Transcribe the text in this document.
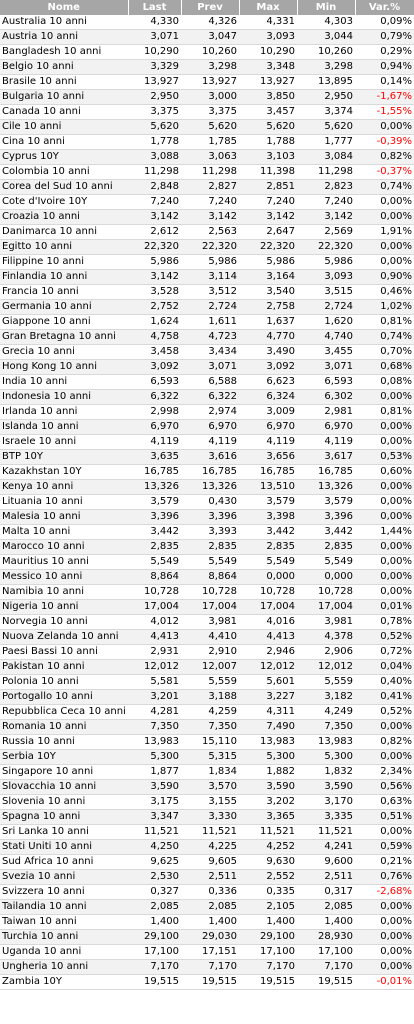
Nome	Last	Prev	Max	Min	Var.%
Australia 10 anni	4,330	4,326	4,331	4,303	0,09%
Austria 10 anni	3,071	3,047	3,093	3,044	0,79%
Bangladesh 10 anni	10,290	10,260	10,290	10,260	0,29%
Belgio 10 anni	3,329	3,298	3,348	3,298	0,94%
Brasile 10 anni	13,927	13,927	13,927	13,895	0,14%
Bulgaria 10 anni	2,950	3,000	3,850	2,950	-1,67%
Canada 10 anni	3,375	3,375	3,457	3,374	-1,55%
Cile 10 anni	5,620	5,620	5,620	5,620	0,00%
Cina 10 anni	1,778	1,785	1,788	1,777	-0,39%
Cyprus 10Y	3,088	3,063	3,103	3,084	0,82%
Colombia 10 anni	11,298	11,298	11,398	11,298	-0,37%
Corea del Sud 10 anni	2,848	2,827	2,851	2,823	0,74%
Cote d'Ivoire 10Y	7,240	7,240	7,240	7,240	0,00%
Croazia 10 anni	3,142	3,142	3,142	3,142	0,00%
Danimarca 10 anni	2,612	2,563	2,647	2,569	1,91%
Egitto 10 anni	22,320	22,320	22,320	22,320	0,00%
Filippine 10 anni	5,986	5,986	5,986	5,986	0,00%
Finlandia 10 anni	3,142	3,114	3,164	3,093	0,90%
Francia 10 anni	3,528	3,512	3,540	3,515	0,46%
Germania 10 anni	2,752	2,724	2,758	2,724	1,02%
Giappone 10 anni	1,624	1,611	1,637	1,620	0,81%
Gran Bretagna 10 anni	4,758	4,723	4,770	4,740	0,74%
Grecia 10 anni	3,458	3,434	3,490	3,455	0,70%
Hong Kong 10 anni	3,092	3,071	3,092	3,071	0,68%
India 10 anni	6,593	6,588	6,623	6,593	0,08%
Indonesia 10 anni	6,322	6,322	6,324	6,302	0,00%
Irlanda 10 anni	2,998	2,974	3,009	2,981	0,81%
Islanda 10 anni	6,970	6,970	6,970	6,970	0,00%
Israele 10 anni	4,119	4,119	4,119	4,119	0,00%
BTP 10Y	3,635	3,616	3,656	3,617	0,53%
Kazakhstan 10Y	16,785	16,785	16,785	16,785	0,60%
Kenya 10 anni	13,326	13,326	13,510	13,326	0,00%
Lituania 10 anni	3,579	0,430	3,579	3,579	0,00%
Malesia 10 anni	3,396	3,396	3,398	3,396	0,00%
Malta 10 anni	3,442	3,393	3,442	3,442	1,44%
Marocco 10 anni	2,835	2,835	2,835	2,835	0,00%
Mauritius 10 anni	5,549	5,549	5,549	5,549	0,00%
Messico 10 anni	8,864	8,864	0,000	0,000	0,00%
Namibia 10 anni	10,728	10,728	10,728	10,728	0,00%
Nigeria 10 anni	17,004	17,004	17,004	17,004	0,01%
Norvegia 10 anni	4,012	3,981	4,016	3,981	0,78%
Nuova Zelanda 10 anni	4,413	4,410	4,413	4,378	0,52%
Paesi Bassi 10 anni	2,931	2,910	2,946	2,906	0,72%
Pakistan 10 anni	12,012	12,007	12,012	12,012	0,04%
Polonia 10 anni	5,581	5,559	5,601	5,559	0,40%
Portogallo 10 anni	3,201	3,188	3,227	3,182	0,41%
Repubblica Ceca 10 anni	4,281	4,259	4,311	4,249	0,52%
Romania 10 anni	7,350	7,350	7,490	7,350	0,00%
Russia 10 anni	13,983	15,110	13,983	13,983	0,82%
Serbia 10Y	5,300	5,315	5,300	5,300	0,00%
Singapore 10 anni	1,877	1,834	1,882	1,832	2,34%
Slovacchia 10 anni	3,590	3,570	3,590	3,590	0,56%
Slovenia 10 anni	3,175	3,155	3,202	3,170	0,63%
Spagna 10 anni	3,347	3,330	3,365	3,335	0,51%
Sri Lanka 10 anni	11,521	11,521	11,521	11,521	0,00%
Stati Uniti 10 anni	4,250	4,225	4,252	4,241	0,59%
Sud Africa 10 anni	9,625	9,605	9,630	9,600	0,21%
Svezia 10 anni	2,530	2,511	2,552	2,511	0,76%
Svizzera 10 anni	0,327	0,336	0,335	0,317	-2,68%
Tailandia 10 anni	2,085	2,085	2,105	2,085	0,00%
Taiwan 10 anni	1,400	1,400	1,400	1,400	0,00%
Turchia 10 anni	29,100	29,030	29,100	28,930	0,00%
Uganda 10 anni	17,100	17,151	17,100	17,100	0,00%
Ungheria 10 anni	7,170	7,170	7,170	7,170	0,00%
Zambia 10Y	19,515	19,515	19,515	19,515	-0,01%
